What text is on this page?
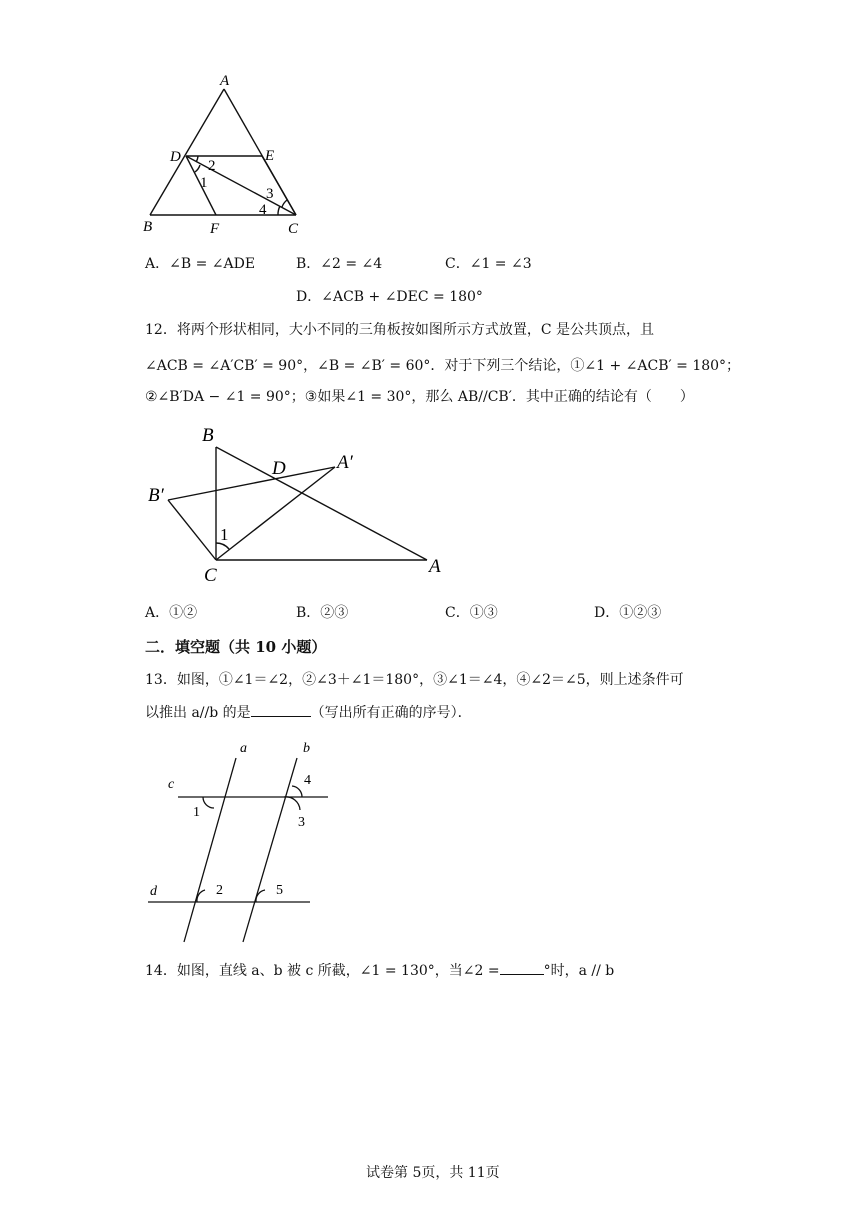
A
D	E
B	F	C
2
1
3
4
A．∠B = ∠ADE	B．∠2 = ∠4	C．∠1 = ∠3
D．∠ACB + ∠DEC = 180°
12．将两个形状相同，大小不同的三角板按如图所示方式放置，C 是公共顶点，且
∠ACB = ∠A′CB′ = 90°，∠B = ∠B′ = 60°．对于下列三个结论，①∠1 + ∠ACB′ = 180°；
②∠B′DA − ∠1 = 90°；③如果∠1 = 30°，那么 AB//CB′．其中正确的结论有（　　）
B
D	A′
B′
1
C	A
A．①②	B．②③	C．①③	D．①②③
二．填空题（共 10 小题）
13．如图，①∠1＝∠2，②∠3＋∠1＝180°，③∠1＝∠4，④∠2＝∠5，则上述条件可
以推出 a//b 的是	（写出所有正确的序号）．
a	b
c
d
4
1
3
2	5
14．如图，直线 a、b 被 c 所截，∠1 = 130°，当∠2 =	°时，a // b
试卷第 5页，共 11页
